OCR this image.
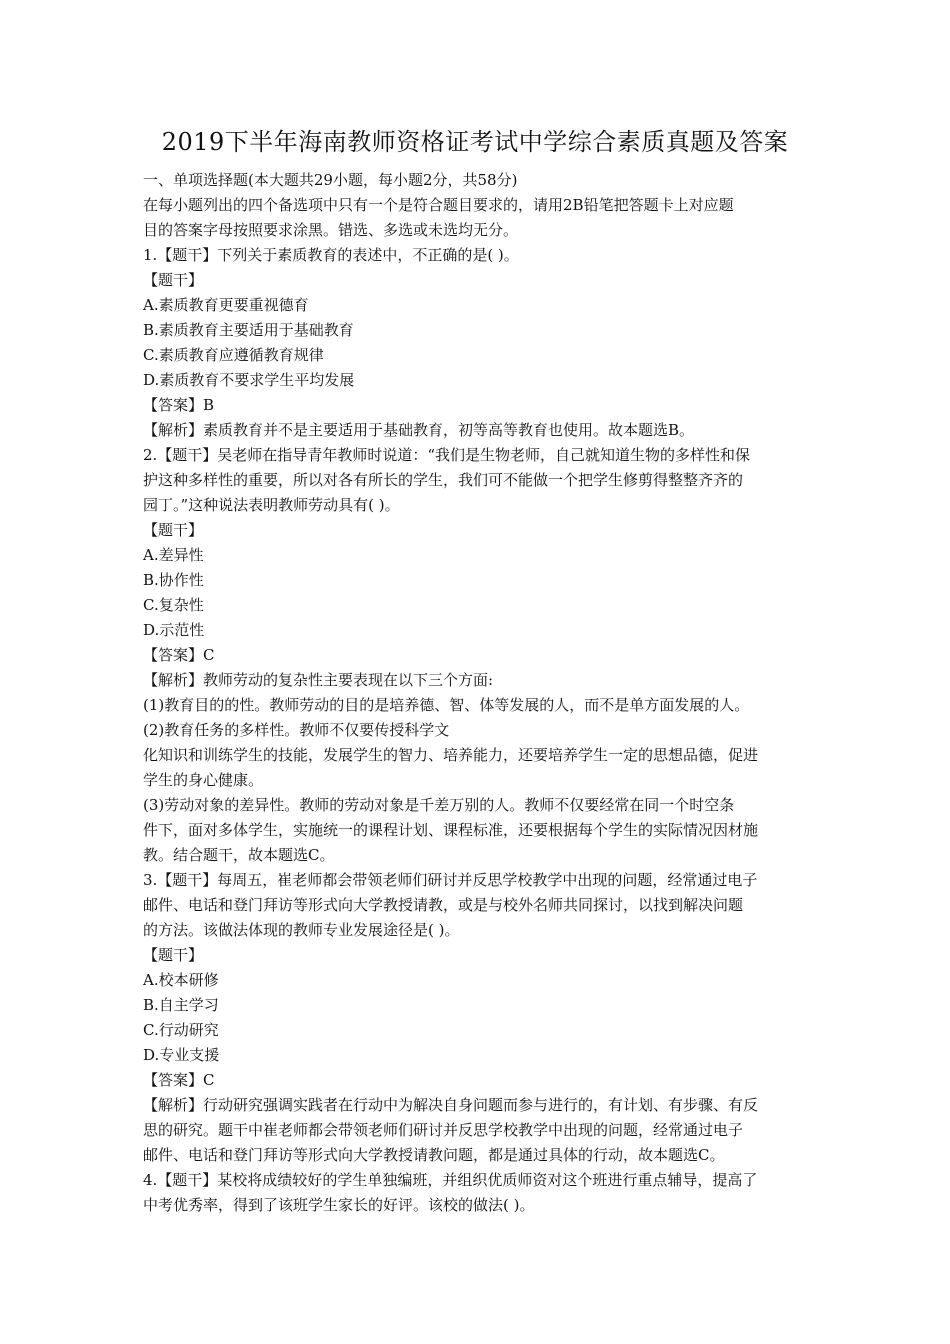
2019下半年海南教师资格证考试中学综合素质真题及答案
一、单项选择题(本大题共29小题，每小题2分，共58分)
在每小题列出的四个备选项中只有一个是符合题目要求的，请用2B铅笔把答题卡上对应题
目的答案字母按照要求涂黑。错选、多选或未选均无分。
1.【题干】下列关于素质教育的表述中，不正确的是( )。
【题干】
A.素质教育更要重视德育
B.素质教育主要适用于基础教育
C.素质教育应遵循教育规律
D.素质教育不要求学生平均发展
【答案】B
【解析】素质教育并不是主要适用于基础教育，初等高等教育也使用。故本题选B。
2.【题干】吴老师在指导青年教师时说道：“我们是生物老师，自己就知道生物的多样性和保
护这种多样性的重要，所以对各有所长的学生，我们可不能做一个把学生修剪得整整齐齐的
园丁。”这种说法表明教师劳动具有( )。
【题干】
A.差异性
B.协作性
C.复杂性
D.示范性
【答案】C
【解析】教师劳动的复杂性主要表现在以下三个方面:
(1)教育目的的性。教师劳动的目的是培养德、智、体等发展的人，而不是单方面发展的人。
(2)教育任务的多样性。教师不仅要传授科学文
化知识和训练学生的技能，发展学生的智力、培养能力，还要培养学生一定的思想品德，促进
学生的身心健康。
(3)劳动对象的差异性。教师的劳动对象是千差万别的人。教师不仅要经常在同一个时空条
件下，面对多体学生，实施统一的课程计划、课程标准，还要根据每个学生的实际情况因材施
教。结合题干，故本题选C。
3.【题干】每周五，崔老师都会带领老师们研讨并反思学校教学中出现的问题，经常通过电子
邮件、电话和登门拜访等形式向大学教授请教，或是与校外名师共同探讨，以找到解决问题
的方法。该做法体现的教师专业发展途径是( )。
【题干】
A.校本研修
B.自主学习
C.行动研究
D.专业支援
【答案】C
【解析】行动研究强调实践者在行动中为解决自身问题而参与进行的，有计划、有步骤、有反
思的研究。题干中崔老师都会带领老师们研讨并反思学校教学中出现的问题，经常通过电子
邮件、电话和登门拜访等形式向大学教授请教问题，都是通过具体的行动，故本题选C。
4.【题干】某校将成绩较好的学生单独编班，并组织优质师资对这个班进行重点辅导，提高了
中考优秀率，得到了该班学生家长的好评。该校的做法( )。
